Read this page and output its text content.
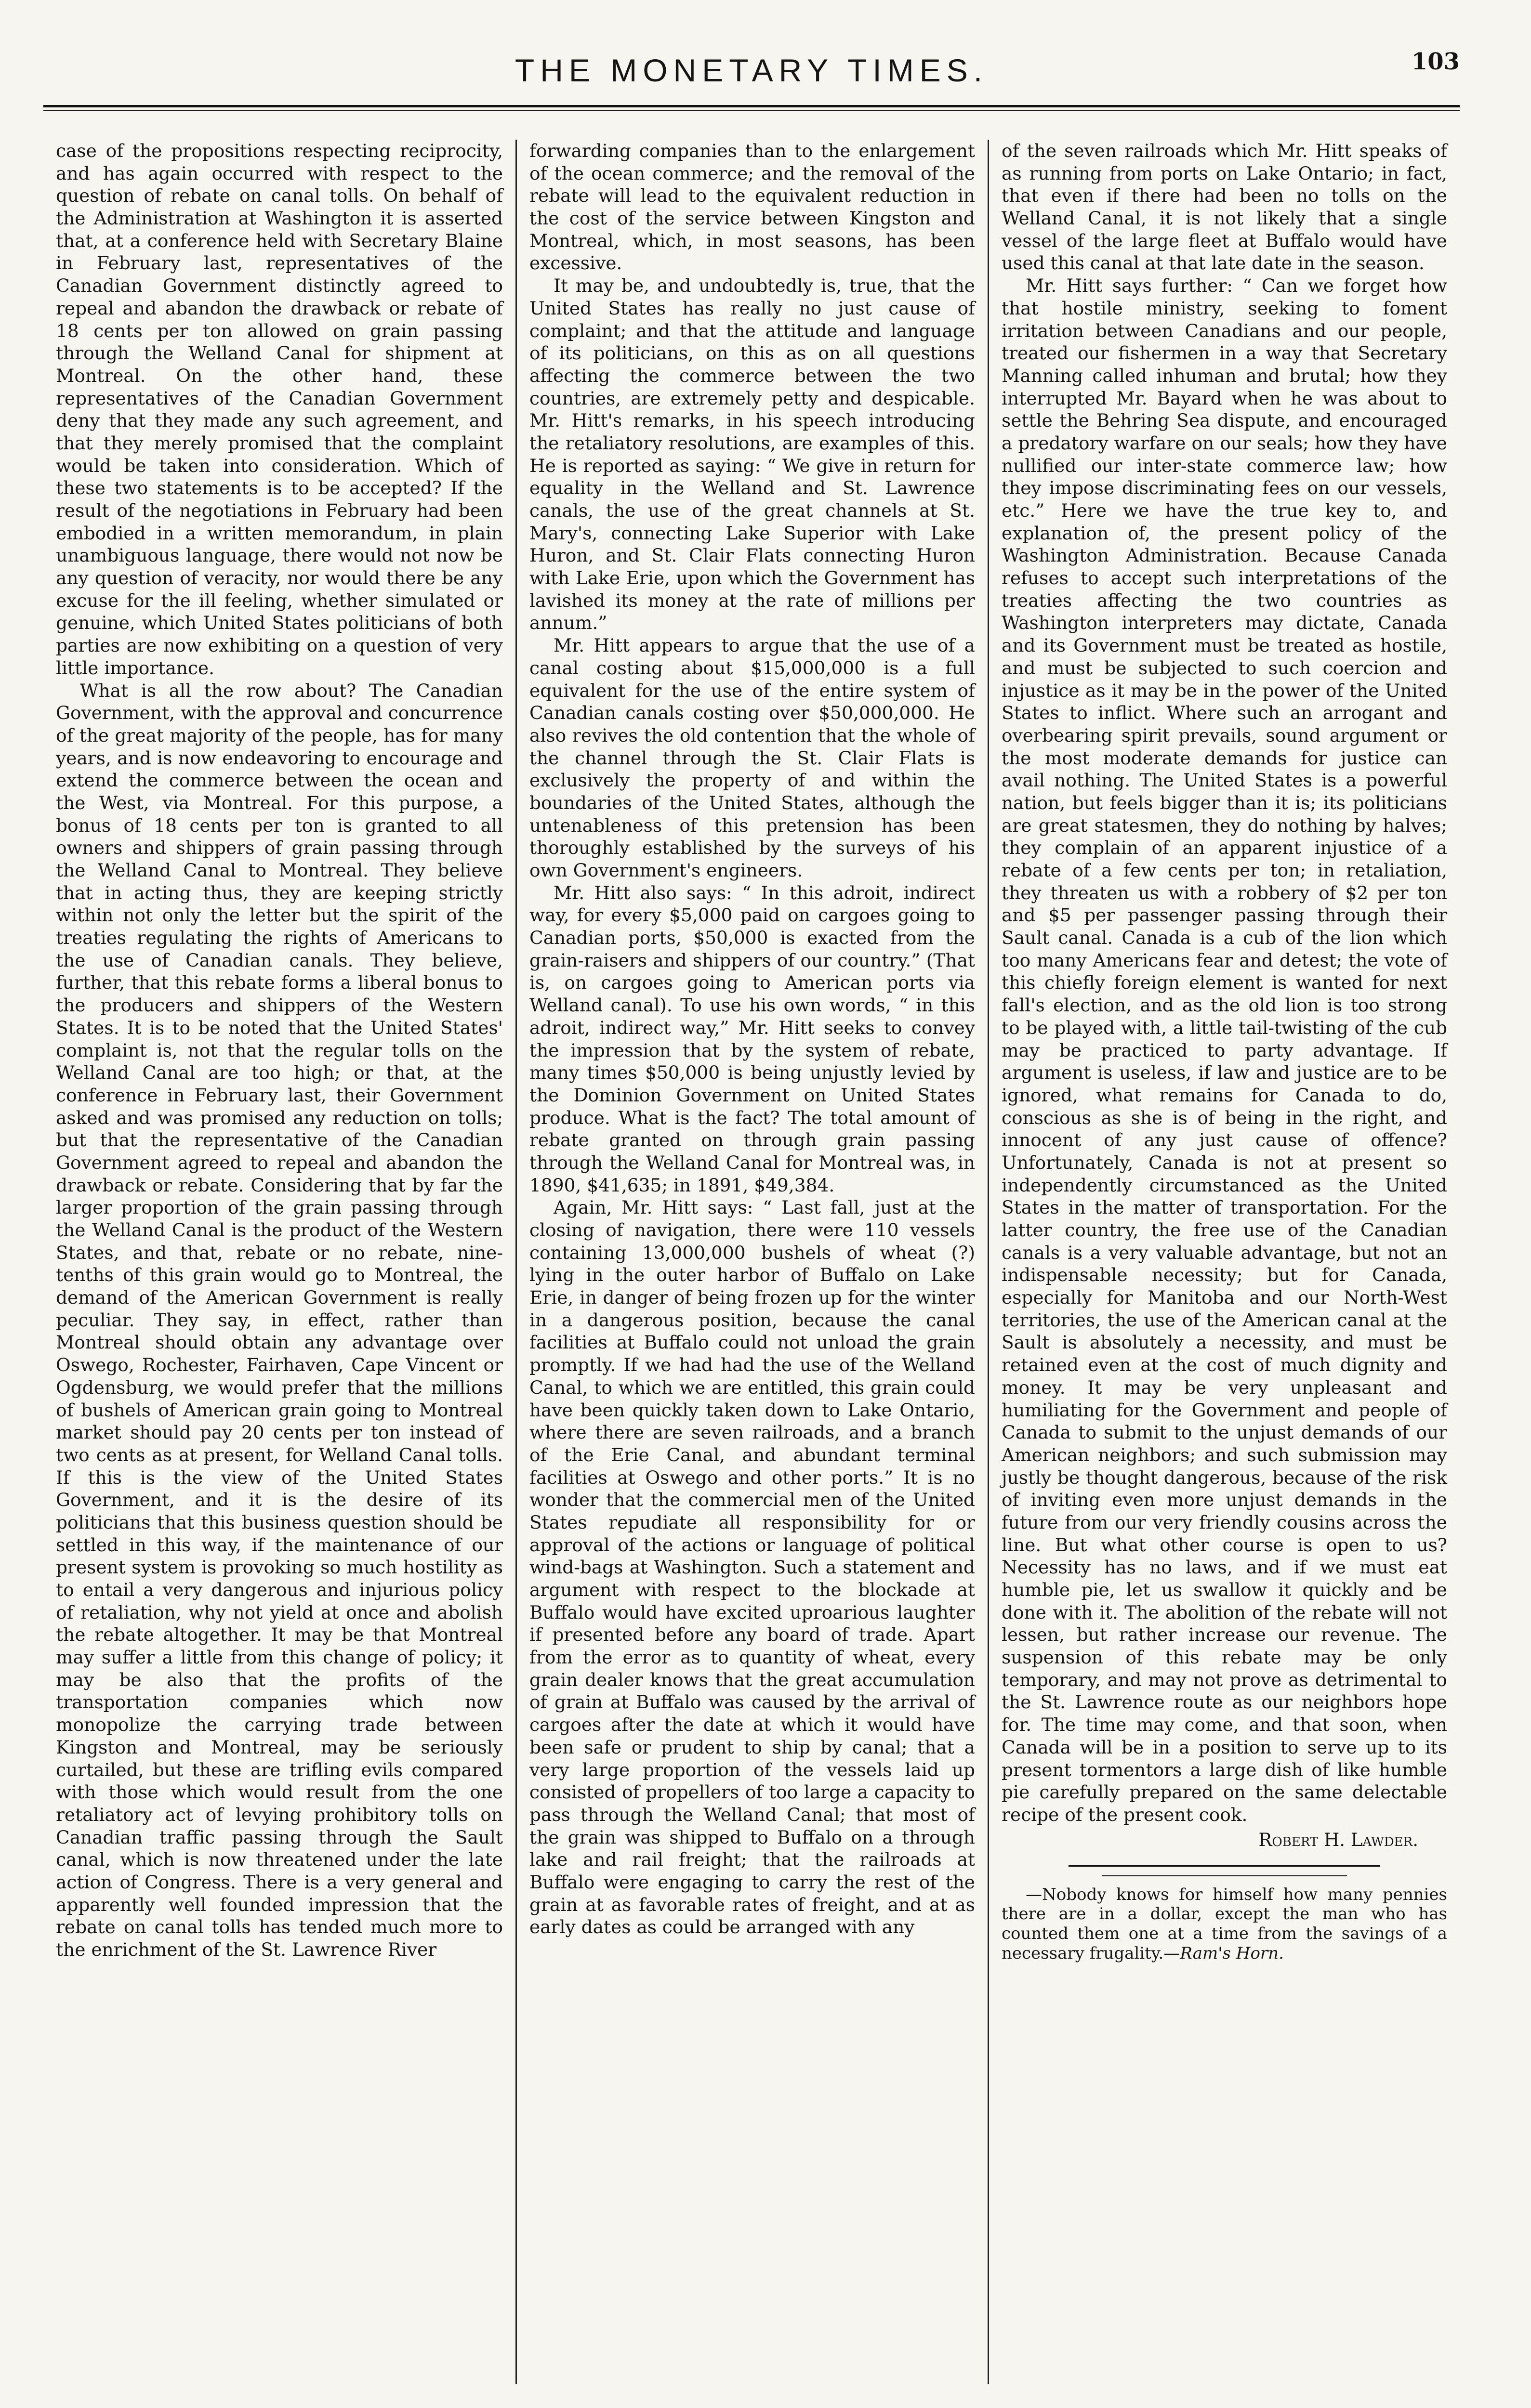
THE MONETARY TIMES.	103

case of the propositions respecting reciprocity, and has again occurred with respect to the question of rebate on canal tolls. On behalf of the Administration at Washington it is asserted that, at a conference held with Secretary Blaine in February last, representatives of the Canadian Government distinctly agreed to repeal and abandon the drawback or rebate of 18 cents per ton allowed on grain passing through the Welland Canal for shipment at Montreal. On the other hand, these representatives of the Canadian Government deny that they made any such agreement, and that they merely promised that the complaint would be taken into consideration. Which of these two statements is to be accepted? If the result of the negotiations in February had been embodied in a written memorandum, in plain unambiguous language, there would not now be any question of veracity, nor would there be any excuse for the ill feeling, whether simulated or genuine, which United States politicians of both parties are now exhibiting on a question of very little importance.

What is all the row about? The Canadian Government, with the approval and concurrence of the great majority of the people, has for many years, and is now endeavoring to encourage and extend the commerce between the ocean and the West, via Montreal. For this purpose, a bonus of 18 cents per ton is granted to all owners and shippers of grain passing through the Welland Canal to Montreal. They believe that in acting thus, they are keeping strictly within not only the letter but the spirit of the treaties regulating the rights of Americans to the use of Canadian canals. They believe, further, that this rebate forms a liberal bonus to the producers and shippers of the Western States. It is to be noted that the United States' complaint is, not that the regular tolls on the Welland Canal are too high; or that, at the conference in February last, their Government asked and was promised any reduction on tolls; but that the representative of the Canadian Government agreed to repeal and abandon the drawback or rebate. Considering that by far the larger proportion of the grain passing through the Welland Canal is the product of the Western States, and that, rebate or no rebate, nine-tenths of this grain would go to Montreal, the demand of the American Government is really peculiar. They say, in effect, rather than Montreal should obtain any advantage over Oswego, Rochester, Fairhaven, Cape Vincent or Ogdensburg, we would prefer that the millions of bushels of American grain going to Montreal market should pay 20 cents per ton instead of two cents as at present, for Welland Canal tolls. If this is the view of the United States Government, and it is the desire of its politicians that this business question should be settled in this way, if the maintenance of our present system is provoking so much hostility as to entail a very dangerous and injurious policy of retaliation, why not yield at once and abolish the rebate altogether. It may be that Montreal may suffer a little from this change of policy; it may be also that the profits of the transportation companies which now monopolize the carrying trade between Kingston and Montreal, may be seriously curtailed, but these are trifling evils compared with those which would result from the one retaliatory act of levying prohibitory tolls on Canadian traffic passing through the Sault canal, which is now threatened under the late action of Congress. There is a very general and apparently well founded impression that the rebate on canal tolls has tended much more to the enrichment of the St. Lawrence River

forwarding companies than to the enlargement of the ocean commerce; and the removal of the rebate will lead to the equivalent reduction in the cost of the service between Kingston and Montreal, which, in most seasons, has been excessive.

It may be, and undoubtedly is, true, that the United States has really no just cause of complaint; and that the attitude and language of its politicians, on this as on all questions affecting the commerce between the two countries, are extremely petty and despicable. Mr. Hitt's remarks, in his speech introducing the retaliatory resolutions, are examples of this. He is reported as saying: “ We give in return for equality in the Welland and St. Lawrence canals, the use of the great channels at St. Mary's, connecting Lake Superior with Lake Huron, and St. Clair Flats connecting Huron with Lake Erie, upon which the Government has lavished its money at the rate of millions per annum.”

Mr. Hitt appears to argue that the use of a canal costing about $15,000,000 is a full equivalent for the use of the entire system of Canadian canals costing over $50,000,000. He also revives the old contention that the whole of the channel through the St. Clair Flats is exclusively the property of and within the boundaries of the United States, although the untenableness of this pretension has been thoroughly established by the surveys of his own Government's engineers.

Mr. Hitt also says: “ In this adroit, indirect way, for every $5,000 paid on cargoes going to Canadian ports, $50,000 is exacted from the grain-raisers and shippers of our country.” (That is, on cargoes going to American ports via Welland canal). To use his own words, “ in this adroit, indirect way,” Mr. Hitt seeks to convey the impression that by the system of rebate, many times $50,000 is being unjustly levied by the Dominion Government on United States produce. What is the fact? The total amount of rebate granted on through grain passing through the Welland Canal for Montreal was, in 1890, $41,635; in 1891, $49,384.

Again, Mr. Hitt says: “ Last fall, just at the closing of navigation, there were 110 vessels containing 13,000,000 bushels of wheat (?) lying in the outer harbor of Buffalo on Lake Erie, in danger of being frozen up for the winter in a dangerous position, because the canal facilities at Buffalo could not unload the grain promptly. If we had had the use of the Welland Canal, to which we are entitled, this grain could have been quickly taken down to Lake Ontario, where there are seven railroads, and a branch of the Erie Canal, and abundant terminal facilities at Oswego and other ports.” It is no wonder that the commercial men of the United States repudiate all responsibility for or approval of the actions or language of political wind-bags at Washington. Such a statement and argument with respect to the blockade at Buffalo would have excited uproarious laughter if presented before any board of trade. Apart from the error as to quantity of wheat, every grain dealer knows that the great accumulation of grain at Buffalo was caused by the arrival of cargoes after the date at which it would have been safe or prudent to ship by canal; that a very large proportion of the vessels laid up consisted of propellers of too large a capacity to pass through the Welland Canal; that most of the grain was shipped to Buffalo on a through lake and rail freight; that the railroads at Buffalo were engaging to carry the rest of the grain at as favorable rates of freight, and at as early dates as could be arranged with any

of the seven railroads which Mr. Hitt speaks of as running from ports on Lake Ontario; in fact, that even if there had been no tolls on the Welland Canal, it is not likely that a single vessel of the large fleet at Buffalo would have used this canal at that late date in the season.

Mr. Hitt says further: “ Can we forget how that hostile ministry, seeking to foment irritation between Canadians and our people, treated our fishermen in a way that Secretary Manning called inhuman and brutal; how they interrupted Mr. Bayard when he was about to settle the Behring Sea dispute, and encouraged a predatory warfare on our seals; how they have nullified our inter-state commerce law; how they impose discriminating fees on our vessels, etc.” Here we have the true key to, and explanation of, the present policy of the Washington Administration. Because Canada refuses to accept such interpretations of the treaties affecting the two countries as Washington interpreters may dictate, Canada and its Government must be treated as hostile, and must be subjected to such coercion and injustice as it may be in the power of the United States to inflict. Where such an arrogant and overbearing spirit prevails, sound argument or the most moderate demands for justice can avail nothing. The United States is a powerful nation, but feels bigger than it is; its politicians are great statesmen, they do nothing by halves; they complain of an apparent injustice of a rebate of a few cents per ton; in retaliation, they threaten us with a robbery of $2 per ton and $5 per passenger passing through their Sault canal. Canada is a cub of the lion which too many Americans fear and detest; the vote of this chiefly foreign element is wanted for next fall's election, and as the old lion is too strong to be played with, a little tail-twisting of the cub may be practiced to party advantage. If argument is useless, if law and justice are to be ignored, what remains for Canada to do, conscious as she is of being in the right, and innocent of any just cause of offence? Unfortunately, Canada is not at present so independently circumstanced as the United States in the matter of transportation. For the latter country, the free use of the Canadian canals is a very valuable advantage, but not an indispensable necessity; but for Canada, especially for Manitoba and our North-West territories, the use of the American canal at the Sault is absolutely a necessity, and must be retained even at the cost of much dignity and money. It may be very unpleasant and humiliating for the Government and people of Canada to submit to the unjust demands of our American neighbors; and such submission may justly be thought dangerous, because of the risk of inviting even more unjust demands in the future from our very friendly cousins across the line. But what other course is open to us? Necessity has no laws, and if we must eat humble pie, let us swallow it quickly and be done with it. The abolition of the rebate will not lessen, but rather increase our revenue. The suspension of this rebate may be only temporary, and may not prove as detrimental to the St. Lawrence route as our neighbors hope for. The time may come, and that soon, when Canada will be in a position to serve up to its present tormentors a large dish of like humble pie carefully prepared on the same delectable recipe of the present cook.

Robert H. Lawder.

—Nobody knows for himself how many pennies there are in a dollar, except the man who has counted them one at a time from the savings of a necessary frugality.—Ram's Horn.
